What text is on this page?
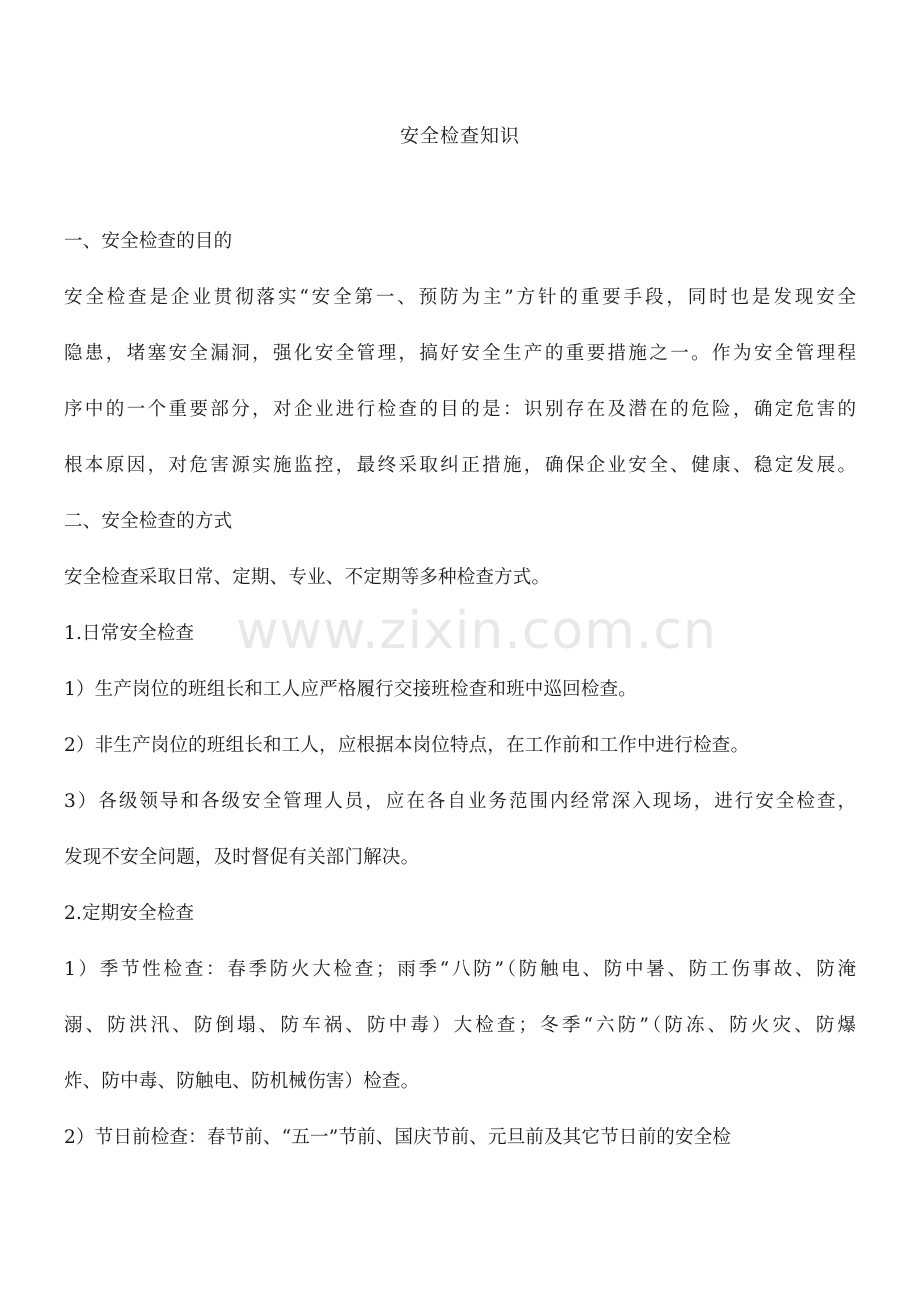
安全检查知识
一、安全检查的目的
安全检查是企业贯彻落实“安全第一、预防为主”方针的重要手段，同时也是发现安全
隐患，堵塞安全漏洞，强化安全管理，搞好安全生产的重要措施之一。作为安全管理程
序中的一个重要部分，对企业进行检查的目的是：识别存在及潜在的危险，确定危害的
根本原因，对危害源实施监控，最终采取纠正措施，确保企业安全、健康、稳定发展。
二、安全检查的方式
安全检查采取日常、定期、专业、不定期等多种检查方式。
1.日常安全检查
1）生产岗位的班组长和工人应严格履行交接班检查和班中巡回检查。
2）非生产岗位的班组长和工人，应根据本岗位特点，在工作前和工作中进行检查。
3）各级领导和各级安全管理人员，应在各自业务范围内经常深入现场，进行安全检查，
发现不安全问题，及时督促有关部门解决。
2.定期安全检查
1）季节性检查：春季防火大检查；雨季“八防”（防触电、防中暑、防工伤事故、防淹
溺、防洪汛、防倒塌、防车祸、防中毒）大检查；冬季“六防”（防冻、防火灾、防爆
炸、防中毒、防触电、防机械伤害）检查。
2）节日前检查：春节前、“五一”节前、国庆节前、元旦前及其它节日前的安全检
www.zixin.com.cn
